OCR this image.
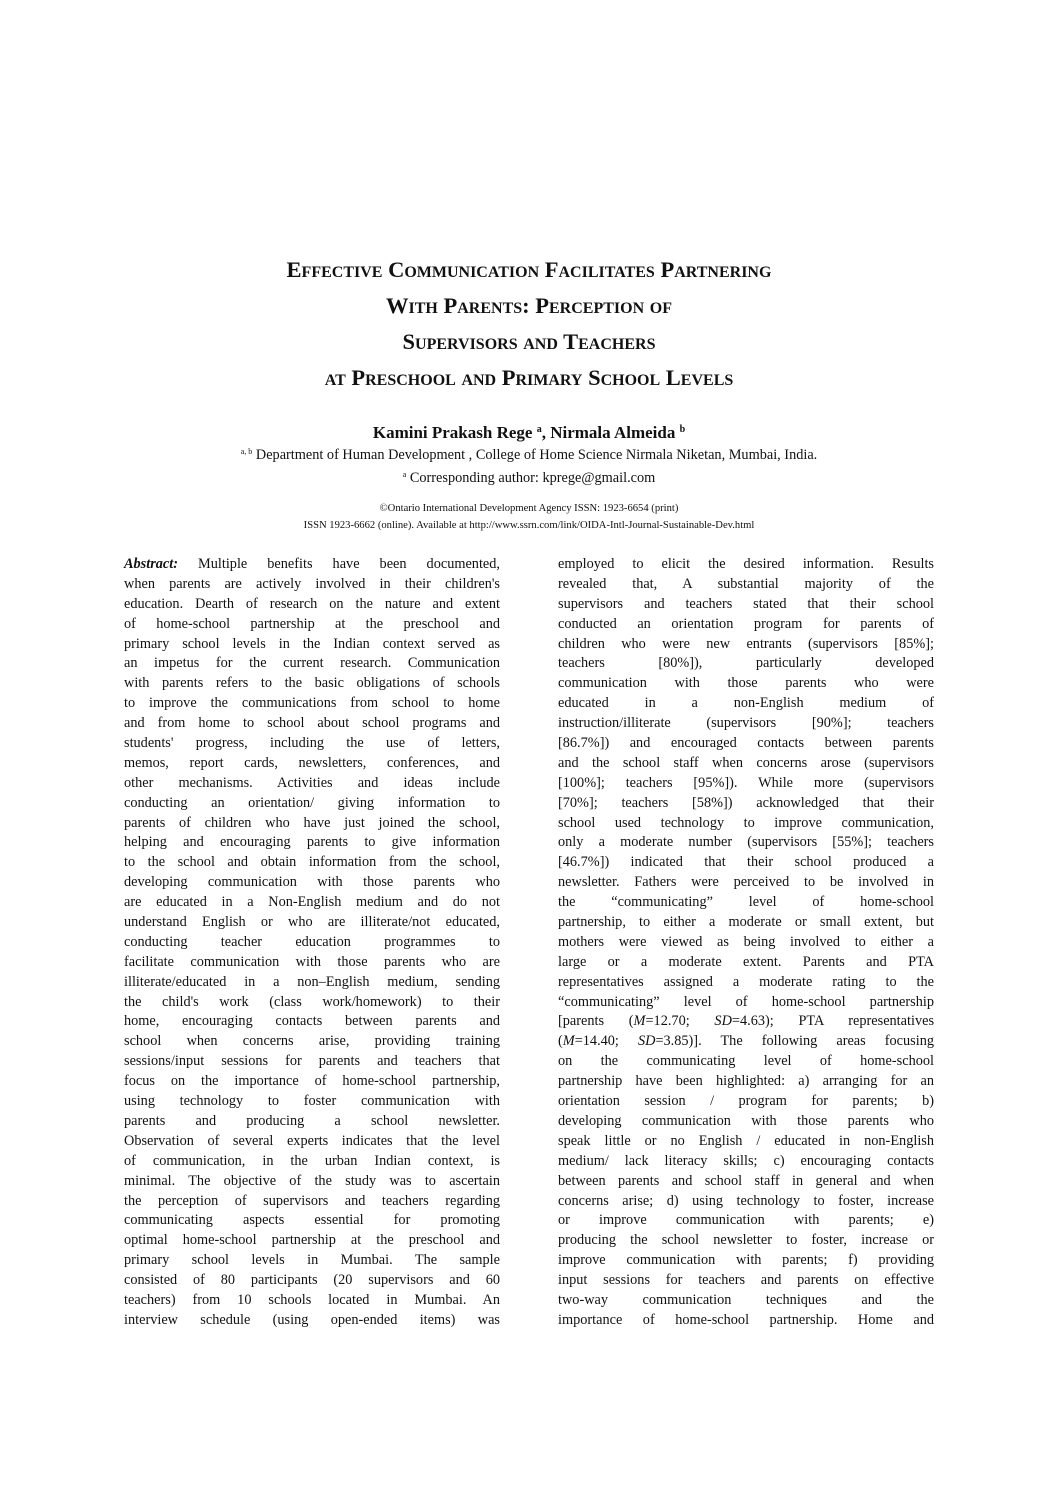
Effective Communication Facilitates Partnering
With Parents: Perception of
Supervisors and Teachers
at Preschool and Primary School Levels
Kamini Prakash Rege $^a$, Nirmala Almeida $^b$
$^{a, b}$ Department of Human Development , College of Home Science Nirmala Niketan, Mumbai, India.
$^a$ Corresponding author: kprege@gmail.com
©Ontario International Development Agency ISSN: 1923-6654 (print)
ISSN 1923-6662 (online). Available at http://www.ssrn.com/link/OIDA-Intl-Journal-Sustainable-Dev.html
Abstract: Multiple benefits have been documented,
when parents are actively involved in their children's
education. Dearth of research on the nature and extent
of home-school partnership at the preschool and
primary school levels in the Indian context served as
an impetus for the current research. Communication
with parents refers to the basic obligations of schools
to improve the communications from school to home
and from home to school about school programs and
students' progress, including the use of letters,
memos, report cards, newsletters, conferences, and
other mechanisms. Activities and ideas include
conducting an orientation/ giving information to
parents of children who have just joined the school,
helping and encouraging parents to give information
to the school and obtain information from the school,
developing communication with those parents who
are educated in a Non-English medium and do not
understand English or who are illiterate/not educated,
conducting teacher education programmes to
facilitate communication with those parents who are
illiterate/educated in a non–English medium, sending
the child's work (class work/homework) to their
home, encouraging contacts between parents and
school when concerns arise, providing training
sessions/input sessions for parents and teachers that
focus on the importance of home-school partnership,
using technology to foster communication with
parents and producing a school newsletter.
Observation of several experts indicates that the level
of communication, in the urban Indian context, is
minimal. The objective of the study was to ascertain
the perception of supervisors and teachers regarding
communicating aspects essential for promoting
optimal home-school partnership at the preschool and
primary school levels in Mumbai. The sample
consisted of 80 participants (20 supervisors and 60
teachers) from 10 schools located in Mumbai. An
interview schedule (using open-ended items) was
employed to elicit the desired information. Results
revealed that, A substantial majority of the
supervisors and teachers stated that their school
conducted an orientation program for parents of
children who were new entrants (supervisors [85%];
teachers [80%]), particularly developed
communication with those parents who were
educated in a non-English medium of
instruction/illiterate (supervisors [90%]; teachers
[86.7%]) and encouraged contacts between parents
and the school staff when concerns arose (supervisors
[100%]; teachers [95%]). While more (supervisors
[70%]; teachers [58%]) acknowledged that their
school used technology to improve communication,
only a moderate number (supervisors [55%]; teachers
[46.7%]) indicated that their school produced a
newsletter. Fathers were perceived to be involved in
the “communicating” level of home-school
partnership, to either a moderate or small extent, but
mothers were viewed as being involved to either a
large or a moderate extent. Parents and PTA
representatives assigned a moderate rating to the
“communicating” level of home-school partnership
[parents (M=12.70; SD=4.63); PTA representatives
(M=14.40; SD=3.85)]. The following areas focusing
on the communicating level of home-school
partnership have been highlighted: a) arranging for an
orientation session / program for parents; b)
developing communication with those parents who
speak little or no English / educated in non-English
medium/ lack literacy skills; c) encouraging contacts
between parents and school staff in general and when
concerns arise; d) using technology to foster, increase
or improve communication with parents; e)
producing the school newsletter to foster, increase or
improve communication with parents; f) providing
input sessions for teachers and parents on effective
two-way communication techniques and the
importance of home-school partnership. Home and
